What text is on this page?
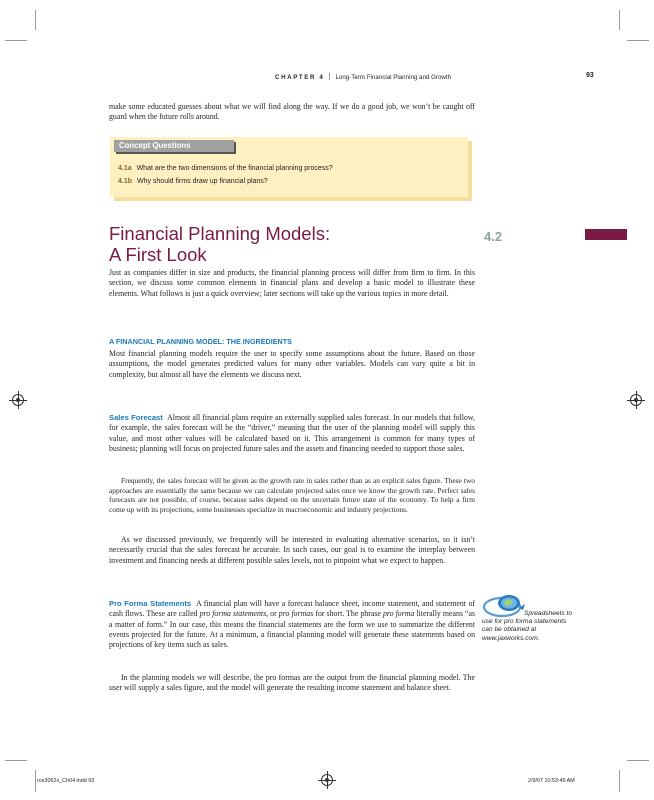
CHAPTER 4 Long-Term Financial Planning and Growth	93

make some educated guesses about what we will find along the way. If we do a good job, we won’t be caught off guard when the future rolls around.

Concept Questions
4.1a What are the two dimensions of the financial planning process?
4.1b Why should firms draw up financial plans?
Financial Planning Models:
A First Look
4.2

Just as companies differ in size and products, the financial planning process will differ from firm to firm. In this section, we discuss some common elements in financial plans and develop a basic model to illustrate these elements. What follows is just a quick overview; later sections will take up the various topics in more detail.

A FINANCIAL PLANNING MODEL: THE INGREDIENTS

Most financial planning models require the user to specify some assumptions about the future. Based on those assumptions, the model generates predicted values for many other variables. Models can vary quite a bit in complexity, but almost all have the elements we discuss next.

Sales Forecast Almost all financial plans require an externally supplied sales forecast. In our models that follow, for example, the sales forecast will be the “driver,” meaning that the user of the planning model will supply this value, and most other values will be calculated based on it. This arrangement is common for many types of business; planning will focus on projected future sales and the assets and financing needed to support those sales.

Frequently, the sales forecast will be given as the growth rate in sales rather than as an explicit sales figure. These two approaches are essentially the same because we can calculate projected sales once we know the growth rate. Perfect sales forecasts are not possible, of course, because sales depend on the uncertain future state of the economy. To help a firm come up with its projections, some businesses specialize in macroeconomic and industry projections.

As we discussed previously, we frequently will be interested in evaluating alternative scenarios, so it isn’t necessarily crucial that the sales forecast be accurate. In such cases, our goal is to examine the interplay between investment and financing needs at different possible sales levels, not to pinpoint what we expect to happen.

Pro Forma Statements A financial plan will have a forecast balance sheet, income statement, and statement of cash flows. These are called pro forma statements, or pro formas for short. The phrase pro forma literally means “as a matter of form.” In our case, this means the financial statements are the form we use to summarize the different events projected for the future. At a minimum, a financial planning model will generate these statements based on projections of key items such as sales.

In the planning models we will describe, the pro formas are the output from the financial planning model. The user will supply a sales figure, and the model will generate the resulting income statement and balance sheet.

Spreadsheets to
use for pro forma statements
can be obtained at
www.jaxworks.com.
ros3062x_Ch04.indd 93	2/9/07 10:53:49 AM
